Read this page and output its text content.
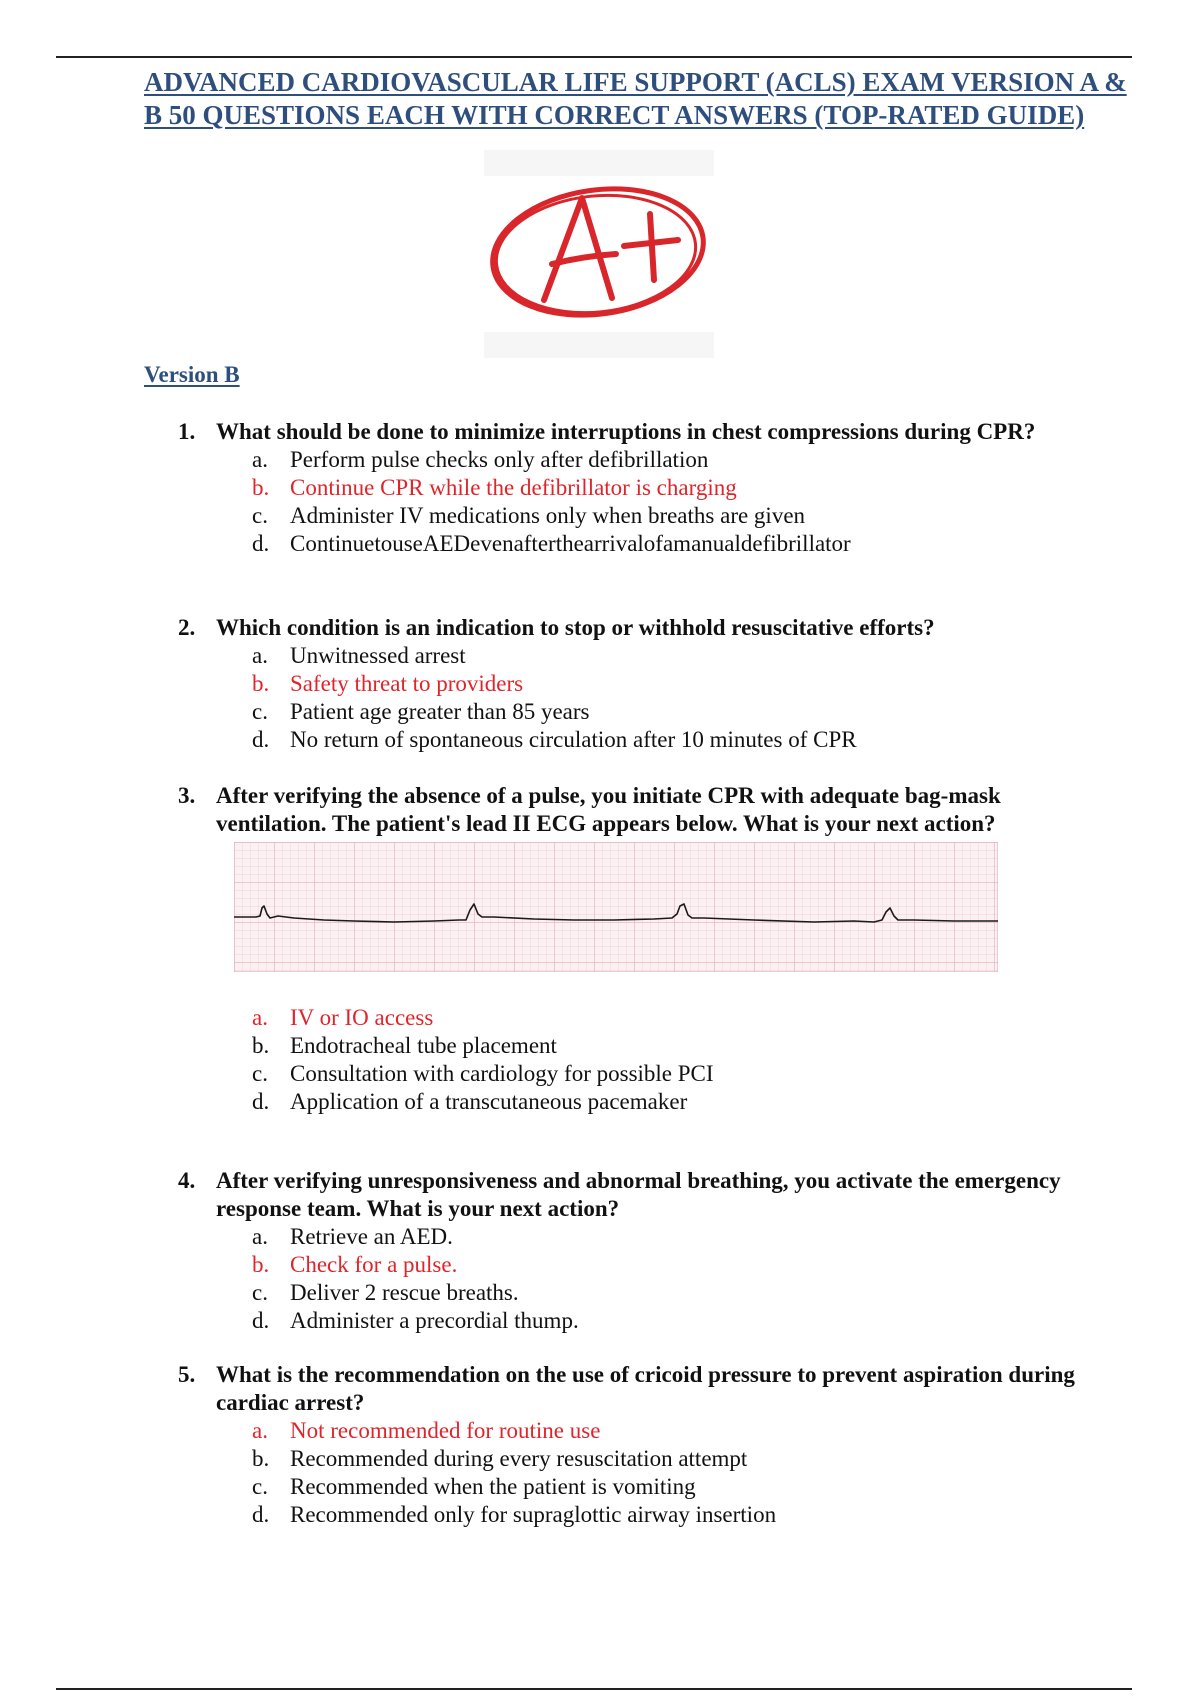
ADVANCED CARDIOVASCULAR LIFE SUPPORT (ACLS) EXAM VERSION A &
B 50 QUESTIONS EACH WITH CORRECT ANSWERS (TOP-RATED GUIDE)
Version B
1. What should be done to minimize interruptions in chest compressions during CPR?
a. Perform pulse checks only after defibrillation
b. Continue CPR while the defibrillator is charging
c. Administer IV medications only when breaths are given
d. ContinuetouseAEDevenafterthearrivalofamanualdefibrillator
2. Which condition is an indication to stop or withhold resuscitative efforts?
a. Unwitnessed arrest
b. Safety threat to providers
c. Patient age greater than 85 years
d. No return of spontaneous circulation after 10 minutes of CPR
3. After verifying the absence of a pulse, you initiate CPR with adequate bag-mask ventilation. The patient's lead II ECG appears below. What is your next action?
a. IV or IO access
b. Endotracheal tube placement
c. Consultation with cardiology for possible PCI
d. Application of a transcutaneous pacemaker
4. After verifying unresponsiveness and abnormal breathing, you activate the emergency response team. What is your next action?
a. Retrieve an AED.
b. Check for a pulse.
c. Deliver 2 rescue breaths.
d. Administer a precordial thump.
5. What is the recommendation on the use of cricoid pressure to prevent aspiration during cardiac arrest?
a. Not recommended for routine use
b. Recommended during every resuscitation attempt
c. Recommended when the patient is vomiting
d. Recommended only for supraglottic airway insertion
